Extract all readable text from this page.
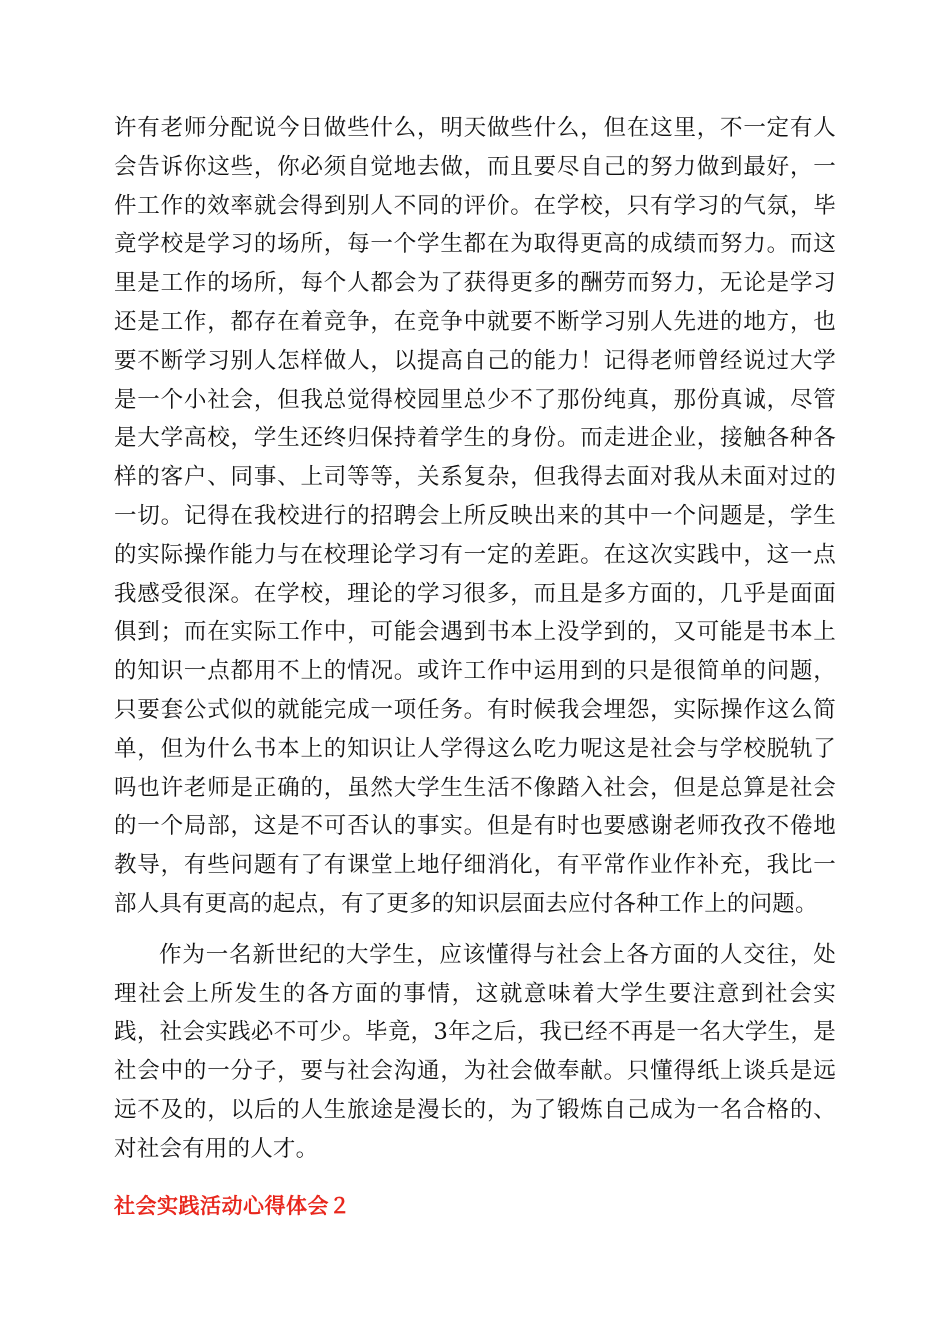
许有老师分配说今日做些什么，明天做些什么，但在这里，不一定有人会告诉你这些，你必须自觉地去做，而且要尽自己的努力做到最好，一件工作的效率就会得到别人不同的评价。在学校，只有学习的气氛，毕竟学校是学习的场所，每一个学生都在为取得更高的成绩而努力。而这里是工作的场所，每个人都会为了获得更多的酬劳而努力，无论是学习还是工作，都存在着竞争，在竞争中就要不断学习别人先进的地方，也要不断学习别人怎样做人，以提高自己的能力！记得老师曾经说过大学是一个小社会，但我总觉得校园里总少不了那份纯真，那份真诚，尽管是大学高校，学生还终归保持着学生的身份。而走进企业，接触各种各样的客户、同事、上司等等，关系复杂，但我得去面对我从未面对过的一切。记得在我校进行的招聘会上所反映出来的其中一个问题是，学生的实际操作能力与在校理论学习有一定的差距。在这次实践中，这一点我感受很深。在学校，理论的学习很多，而且是多方面的，几乎是面面俱到；而在实际工作中，可能会遇到书本上没学到的，又可能是书本上的知识一点都用不上的情况。或许工作中运用到的只是很简单的问题，只要套公式似的就能完成一项任务。有时候我会埋怨，实际操作这么简单，但为什么书本上的知识让人学得这么吃力呢这是社会与学校脱轨了吗也许老师是正确的，虽然大学生生活不像踏入社会，但是总算是社会的一个局部，这是不可否认的事实。但是有时也要感谢老师孜孜不倦地教导，有些问题有了有课堂上地仔细消化，有平常作业作补充，我比一部人具有更高的起点，有了更多的知识层面去应付各种工作上的问题。

作为一名新世纪的大学生，应该懂得与社会上各方面的人交往，处理社会上所发生的各方面的事情，这就意味着大学生要注意到社会实践，社会实践必不可少。毕竟，3年之后，我已经不再是一名大学生，是社会中的一分子，要与社会沟通，为社会做奉献。只懂得纸上谈兵是远远不及的，以后的人生旅途是漫长的，为了锻炼自己成为一名合格的、对社会有用的人才。

社会实践活动心得体会２
